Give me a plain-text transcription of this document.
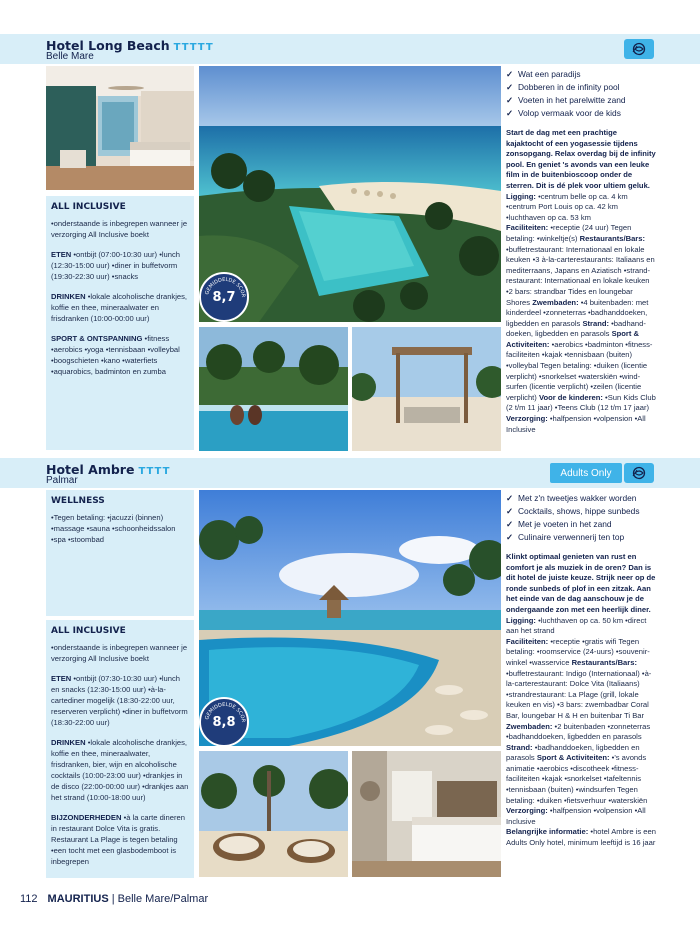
Hotel Long Beach TTTTT
Belle Mare
ALL INCLUSIVE

•onderstaande is inbegrepen wanneer je verzorging All Inclusive boekt

ETEN •ontbijt (07:00-10:30 uur) •lunch (12:30-15:00 uur) •diner in buffetvorm (19:30-22:30 uur) •snacks

DRINKEN •lokale alcoholische drankjes, koffie en thee, mineraalwater en frisdranken (10:00-00:00 uur)

SPORT & ONTSPANNING •fitness •aerobics •yoga •tennisbaan •volleybal •boogschieten •kano •waterfiets •aquarobics, badminton en zumba

GEMIDDELDE SCOR
8,7
✓ Wat een paradijs
✓ Dobberen in de infinity pool
✓ Voeten in het parelwitte zand
✓ Volop vermaak voor de kids
Start de dag met een prachtige kajaktocht of een yogasessie tijdens zonsopgang. Relax overdag bij de infinity pool. En geniet 's avonds van een leuke film in de buitenbioscoop onder de sterren. Dit is dé plek voor ultiem geluk.
Ligging: •centrum belle op ca. 4 km •centrum Port Louis op ca. 42 km •luchthaven op ca. 53 km
Faciliteiten: •receptie (24 uur) Tegen betaling: •winkeltje(s) Restaurants/Bars: •buffetrestaurant: Internationaal en lokale keuken •3 à-la-carterestaurants: Italiaans en mediterraans, Japans en Aziatisch •strand-restaurant: Internationaal en lokale keuken •2 bars: strandbar Tides en loungebar Shores Zwembaden: •4 buitenbaden: met kinderdeel •zonneterras •badhanddoeken, ligbedden en parasols Strand: •badhand-doeken, ligbedden en parasols Sport & Activiteiten: •aerobics •badminton •fitness-faciliteiten •kajak •tennisbaan (buiten) •volleybal Tegen betaling: •duiken (licentie verplicht) •snorkelset •waterskiën •wind-surfen (licentie verplicht) •zeilen (licentie verplicht) Voor de kinderen: •Sun Kids Club (2 t/m 11 jaar) •Teens Club (12 t/m 17 jaar) Verzorging: •halfpension •volpension •All Inclusive
Hotel Ambre TTTT
Palmar
Adults Only
WELLNESS

•Tegen betaling: •jacuzzi (binnen) •massage •sauna •schoonheidssalon •spa •stoombad

ALL INCLUSIVE

•onderstaande is inbegrepen wanneer je verzorging All Inclusive boekt

ETEN •ontbijt (07:30-10:30 uur) •lunch en snacks (12:30-15:00 uur) •à-la-cartediner mogelijk (18:30-22:00 uur, reserveren verplicht) •diner in buffetvorm (18:30-22:00 uur)

DRINKEN •lokale alcoholische drankjes, koffie en thee, mineraalwater, frisdranken, bier, wijn en alcoholische cocktails (10:00-23:00 uur) •drankjes in de disco (22:00-00:00 uur) •drankjes aan het strand (10:00-18:00 uur)

BIJZONDERHEDEN •à la carte dineren in restaurant Dolce Vita is gratis. Restaurant La Plage is tegen betaling •een tocht met een glasbodemboot is inbegrepen

GEMIDDELDE SCOR
8,8
✓ Met z'n tweetjes wakker worden
✓ Cocktails, shows, hippe sunbeds
✓ Met je voeten in het zand
✓ Culinaire verwennerij ten top
Klinkt optimaal genieten van rust en comfort je als muziek in de oren? Dan is dit hotel de juiste keuze. Strijk neer op de ronde sunbeds of plof in een zitzak. Aan het einde van de dag aanschouw je de ondergaande zon met een heerlijk diner.
Ligging: •luchthaven op ca. 50 km •direct aan het strand
Faciliteiten: •receptie •gratis wifi Tegen betaling: •roomservice (24-uurs) •souvenir-winkel •wasservice Restaurants/Bars: •buffetrestaurant: Indigo (Internationaal) •à-la-carterestaurant: Dolce Vita (Italiaans) •strandrestaurant: La Plage (grill, lokale keuken en vis) •3 bars: zwembadbar Coral Bar, loungebar H & H en buitenbar Ti Bar Zwembaden: •2 buitenbaden •zonneterras •badhanddoeken, ligbedden en parasols
Strand: •badhanddoeken, ligbedden en parasols Sport & Activiteiten: •'s avonds animatie •aerobics •discotheek •fitness-faciliteiten •kajak •snorkelset •tafeltennis •tennisbaan (buiten) •windsurfen Tegen betaling: •duiken •fietsverhuur •waterskiën Verzorging: •halfpension •volpension •All Inclusive
Belangrijke informatie: •hotel Ambre is een Adults Only hotel, minimum leeftijd is 16 jaar
112 MAURITIUS | Belle Mare/Palmar
